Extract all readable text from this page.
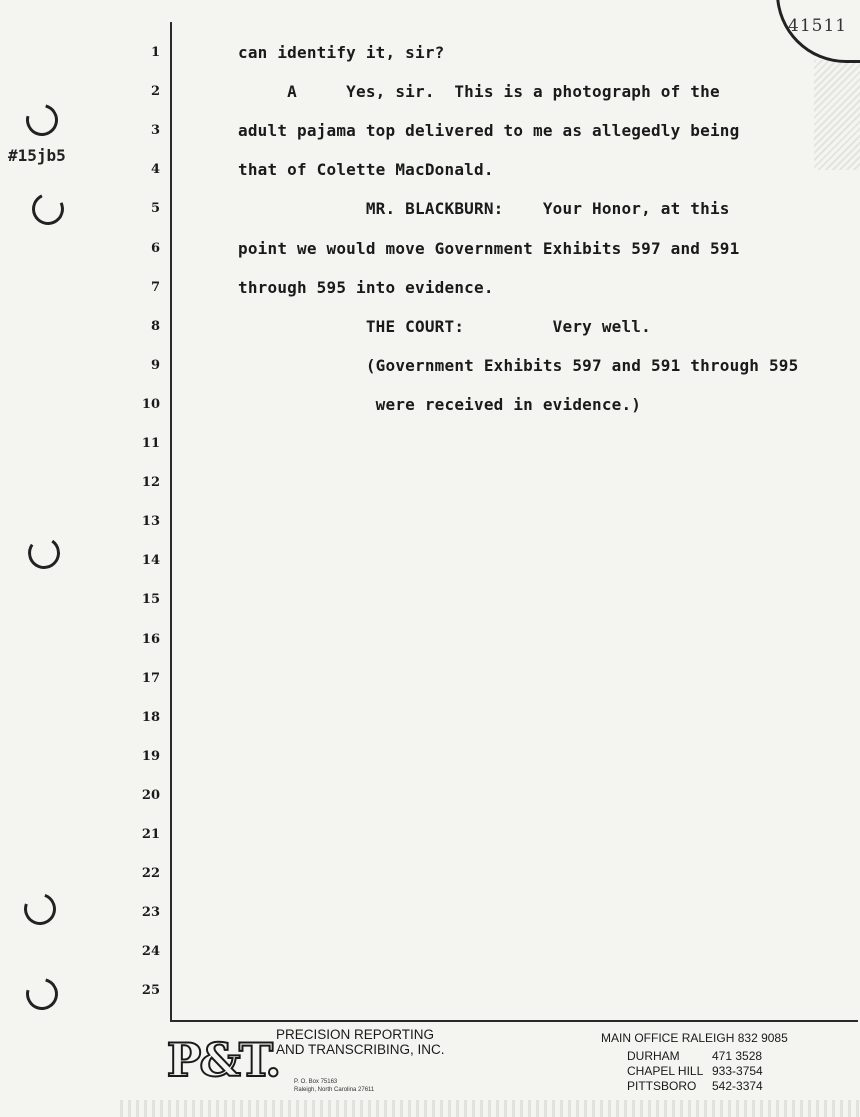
41511
#15jb5
1
2
3
4
5
6
7
8
9
10
11
12
13
14
15
16
17
18
19
20
21
22
23
24
25
can identify it, sir?
A     Yes, sir.  This is a photograph of the
adult pajama top delivered to me as allegedly being
that of Colette MacDonald.
MR. BLACKBURN:    Your Honor, at this
point we would move Government Exhibits 597 and 591
through 595 into evidence.
THE COURT:         Very well.
(Government Exhibits 597 and 591 through 595
were received in evidence.)
P&T.
PRECISION REPORTING
AND TRANSCRIBING, INC.
P. O. Box 75163
Raleigh, North Carolina 27611
MAIN OFFICE RALEIGH 832 9085
DURHAM	471 3528
CHAPEL HILL 933-3754
PITTSBORO 542-3374
